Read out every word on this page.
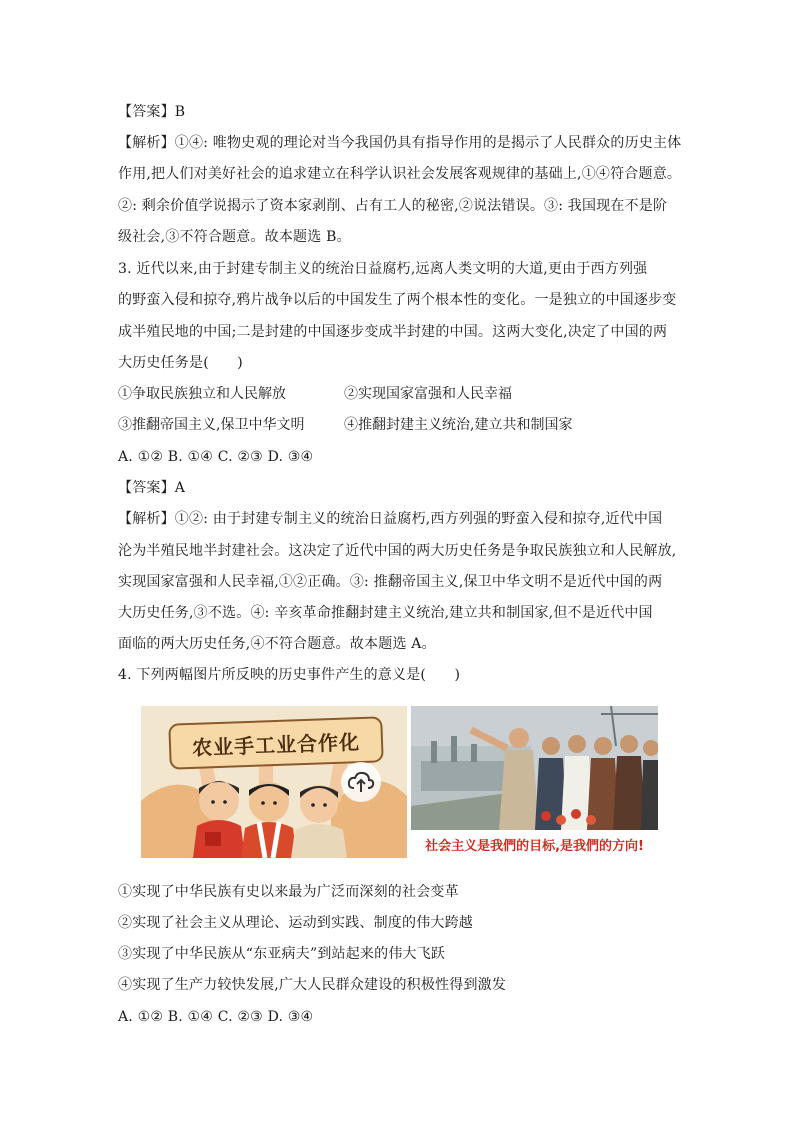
【答案】B
【解析】①④: 唯物史观的理论对当今我国仍具有指导作用的是揭示了人民群众的历史主体
作用,把人们对美好社会的追求建立在科学认识社会发展客观规律的基础上,①④符合题意。
②: 剩余价值学说揭示了资本家剥削、占有工人的秘密,②说法错误。③: 我国现在不是阶
级社会,③不符合题意。故本题选 B。
3. 近代以来,由于封建专制主义的统治日益腐朽,远离人类文明的大道,更由于西方列强
的野蛮入侵和掠夺,鸦片战争以后的中国发生了两个根本性的变化。一是独立的中国逐步变
成半殖民地的中国;二是封建的中国逐步变成半封建的中国。这两大变化,决定了中国的两
大历史任务是(　　)
①争取民族独立和人民解放	②实现国家富强和人民幸福
③推翻帝国主义,保卫中华文明	④推翻封建主义统治,建立共和制国家
A. ①② B. ①④ C. ②③ D. ③④
【答案】A
【解析】①②: 由于封建专制主义的统治日益腐朽,西方列强的野蛮入侵和掠夺,近代中国
沦为半殖民地半封建社会。这决定了近代中国的两大历史任务是争取民族独立和人民解放,
实现国家富强和人民幸福,①②正确。③: 推翻帝国主义,保卫中华文明不是近代中国的两
大历史任务,③不选。④: 辛亥革命推翻封建主义统治,建立共和制国家,但不是近代中国
面临的两大历史任务,④不符合题意。故本题选 A。
4. 下列两幅图片所反映的历史事件产生的意义是(　　)
农业手工业合作化
社会主义是我們的目标,是我們的方向!
①实现了中华民族有史以来最为广泛而深刻的社会变革
②实现了社会主义从理论、运动到实践、制度的伟大跨越
③实现了中华民族从“东亚病夫”到站起来的伟大飞跃
④实现了生产力较快发展,广大人民群众建设的积极性得到激发
A. ①② B. ①④ C. ②③ D. ③④
